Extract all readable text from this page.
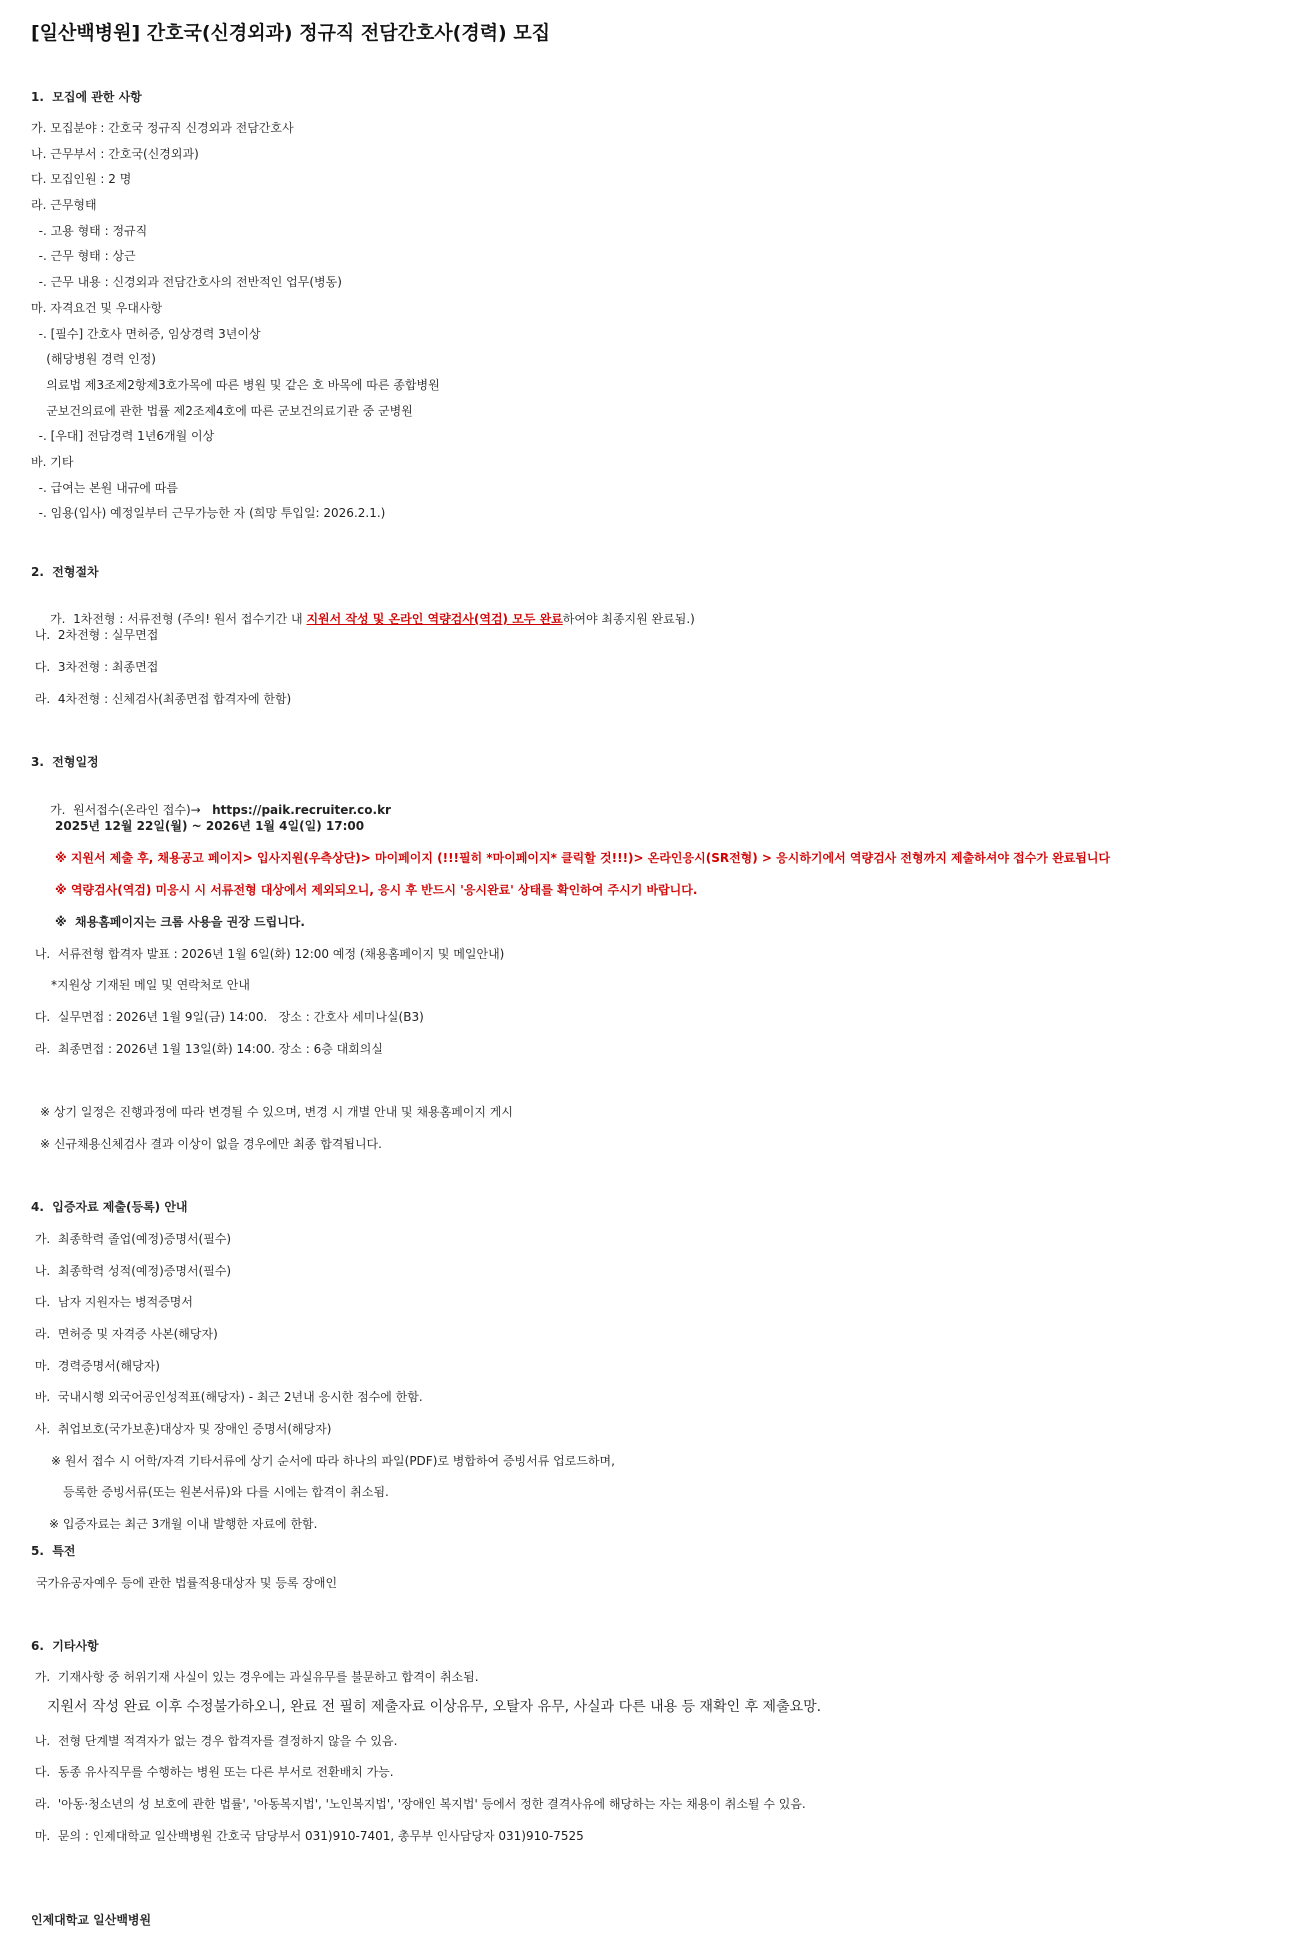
[일산백병원] 간호국(신경외과) 정규직 전담간호사(경력) 모집
1.  모집에 관한 사항
가. 모집분야 : 간호국 정규직 신경외과 전담간호사
나. 근무부서 : 간호국(신경외과)
다. 모집인원 : 2 명
라. 근무형태
-. 고용 형태 : 정규직
-. 근무 형태 : 상근
-. 근무 내용 : 신경외과 전담간호사의 전반적인 업무(병동)
마. 자격요건 및 우대사항
-. [필수] 간호사 면허증, 임상경력 3년이상
(해당병원 경력 인정)
의료법 제3조제2항제3호가목에 따른 병원 및 같은 호 바목에 따른 종합병원
군보건의료에 관한 법률 제2조제4호에 따른 군보건의료기관 중 군병원
-. [우대] 전담경력 1년6개월 이상
바. 기타
-. 급여는 본원 내규에 따름
-. 임용(입사) 예정일부터 근무가능한 자 (희망 투입일: 2026.2.1.)
2.  전형절차

가.  1차전형 : 서류전형 (주의! 원서 접수기간 내 지원서 작성 및 온라인 역량검사(역검) 모두 완료하여야 최종지원 완료됨.)

나.  2차전형 : 실무면접
다.  3차전형 : 최종면접
라.  4차전형 : 신체검사(최종면접 합격자에 한함)
3.  전형일정

가.  원서접수(온라인 접수)→   https://paik.recruiter.co.kr

2025년 12월 22일(월) ~ 2026년 1월 4일(일) 17:00
※ 지원서 제출 후, 채용공고 페이지> 입사지원(우측상단)> 마이페이지 (!!!필히 *마이페이지* 클릭할 것!!!)> 온라인응시(SR전형) > 응시하기에서 역량검사 전형까지 제출하셔야 접수가 완료됩니다
※ 역량검사(역검) 미응시 시 서류전형 대상에서 제외되오니, 응시 후 반드시 '응시완료' 상태를 확인하여 주시기 바랍니다.
※  채용홈페이지는 크롬 사용을 권장 드립니다.
나.  서류전형 합격자 발표 : 2026년 1월 6일(화) 12:00 예정 (채용홈페이지 및 메일안내)
*지원상 기재된 메일 및 연락처로 안내
다.  실무면접 : 2026년 1월 9일(금) 14:00.   장소 : 간호사 세미나실(B3)
라.  최종면접 : 2026년 1월 13일(화) 14:00. 장소 : 6층 대회의실
※ 상기 일정은 진행과정에 따라 변경될 수 있으며, 변경 시 개별 안내 및 채용홈페이지 게시
※ 신규채용신체검사 결과 이상이 없을 경우에만 최종 합격됩니다.
4.  입증자료 제출(등록) 안내
가.  최종학력 졸업(예정)증명서(필수)
나.  최종학력 성적(예정)증명서(필수)
다.  남자 지원자는 병적증명서
라.  면허증 및 자격증 사본(해당자)
마.  경력증명서(해당자)
바.  국내시행 외국어공인성적표(해당자) - 최근 2년내 응시한 점수에 한함.
사.  취업보호(국가보훈)대상자 및 장애인 증명서(해당자)
※ 원서 접수 시 어학/자격 기타서류에 상기 순서에 따라 하나의 파일(PDF)로 병합하여 증빙서류 업로드하며,
등록한 증빙서류(또는 원본서류)와 다를 시에는 합격이 취소됨.
※ 입증자료는 최근 3개월 이내 발행한 자료에 한함.
5.  특전
국가유공자예우 등에 관한 법률적용대상자 및 등록 장애인
6.  기타사항
가.  기재사항 중 허위기재 사실이 있는 경우에는 과실유무를 불문하고 합격이 취소됨.
지원서 작성 완료 이후 수정불가하오니, 완료 전 필히 제출자료 이상유무, 오탈자 유무, 사실과 다른 내용 등 재확인 후 제출요망.
나.  전형 단계별 적격자가 없는 경우 합격자를 결정하지 않을 수 있음.
다.  동종 유사직무를 수행하는 병원 또는 다른 부서로 전환배치 가능.
라.  '아동·청소년의 성 보호에 관한 법률', '아동복지법', '노인복지법', '장애인 복지법' 등에서 정한 결격사유에 해당하는 자는 채용이 취소될 수 있음.
마.  문의 : 인제대학교 일산백병원 간호국 담당부서 031)910-7401, 총무부 인사담당자 031)910-7525
인제대학교 일산백병원
